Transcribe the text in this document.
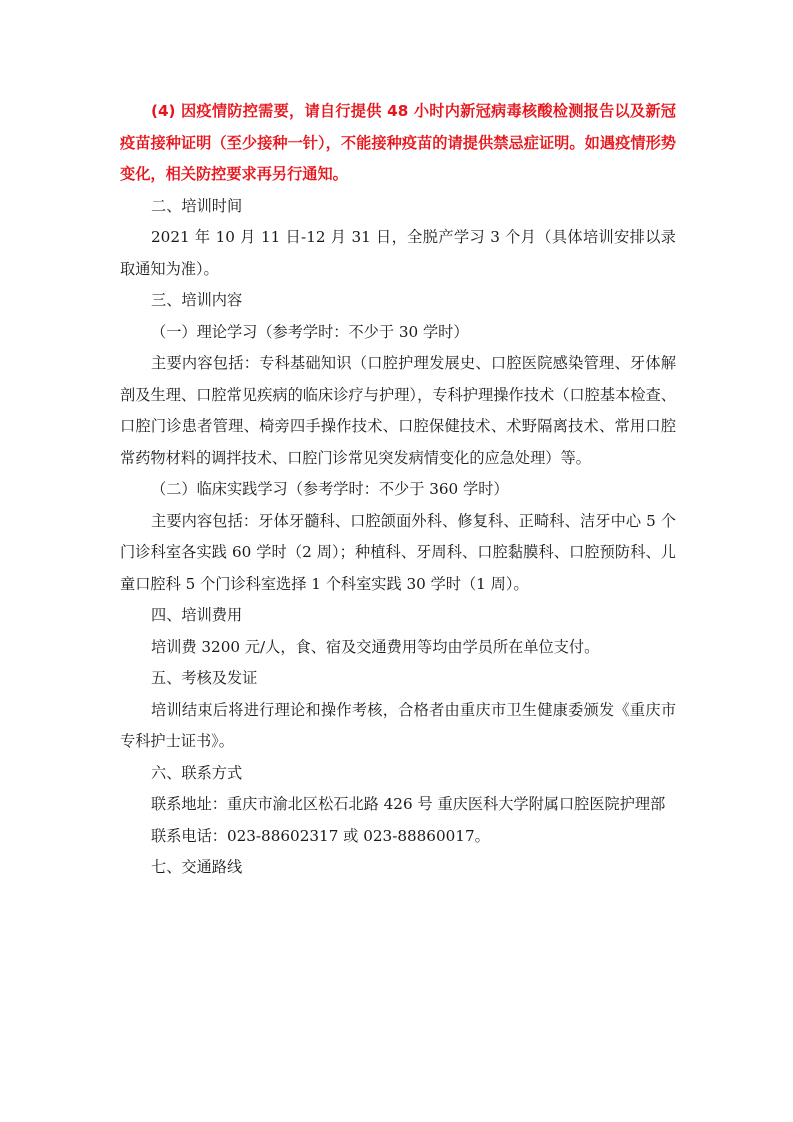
(4) 因疫情防控需要，请自行提供 48 小时内新冠病毒核酸检测报告以及新冠疫苗接种证明（至少接种一针），不能接种疫苗的请提供禁忌症证明。如遇疫情形势变化，相关防控要求再另行通知。

二、培训时间

2021 年 10 月 11 日-12 月 31 日，全脱产学习 3 个月（具体培训安排以录取通知为准）。

三、培训内容

（一）理论学习（参考学时：不少于 30 学时）

主要内容包括：专科基础知识（口腔护理发展史、口腔医院感染管理、牙体解剖及生理、口腔常见疾病的临床诊疗与护理），专科护理操作技术（口腔基本检查、口腔门诊患者管理、椅旁四手操作技术、口腔保健技术、术野隔离技术、常用口腔常药物材料的调拌技术、口腔门诊常见突发病情变化的应急处理）等。

（二）临床实践学习（参考学时：不少于 360 学时）

主要内容包括：牙体牙髓科、口腔颌面外科、修复科、正畸科、洁牙中心 5 个门诊科室各实践 60 学时（2 周）；种植科、牙周科、口腔黏膜科、口腔预防科、儿童口腔科 5 个门诊科室选择 1 个科室实践 30 学时（1 周）。

四、培训费用

培训费 3200 元/人，食、宿及交通费用等均由学员所在单位支付。

五、考核及发证

培训结束后将进行理论和操作考核，合格者由重庆市卫生健康委颁发《重庆市专科护士证书》。

六、联系方式

联系地址：重庆市渝北区松石北路 426 号 重庆医科大学附属口腔医院护理部

联系电话：023-88602317 或 023-88860017。

七、交通路线
